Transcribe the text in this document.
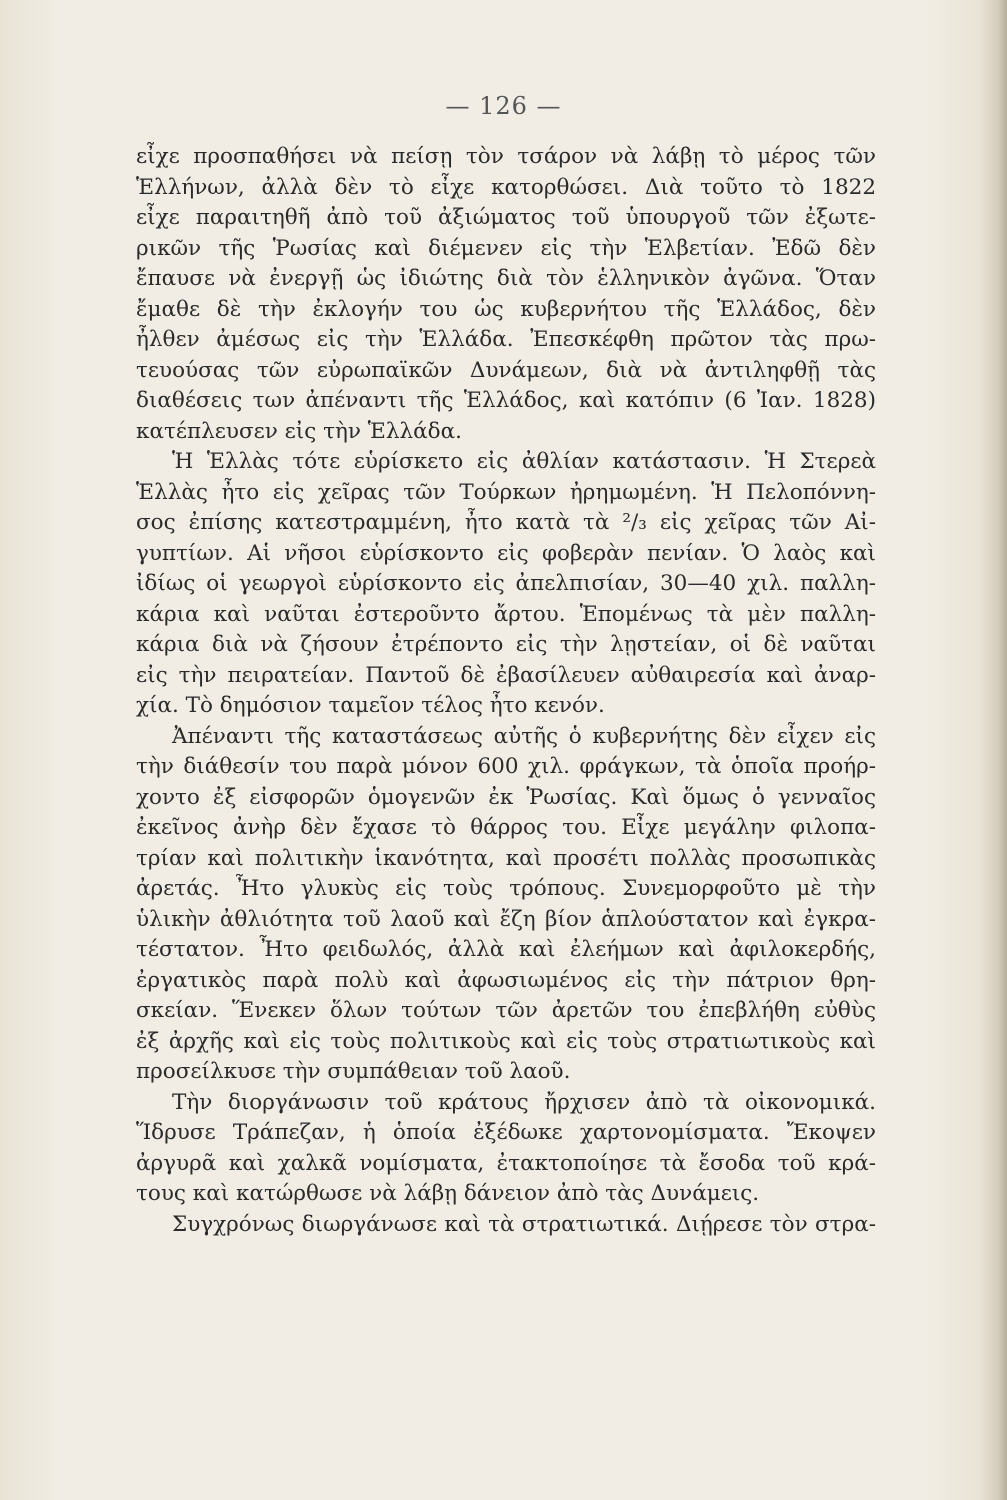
— 126 —
εἶχε προσπαθήσει νὰ πείσῃ τὸν τσάρον νὰ λάβῃ τὸ μέρος τῶν
Ἑλλήνων, ἀλλὰ δὲν τὸ εἶχε κατορθώσει. Διὰ τοῦτο τὸ 1822
εἶχε παραιτηθῆ ἀπὸ τοῦ ἀξιώματος τοῦ ὑπουργοῦ τῶν ἐξωτε-
ρικῶν τῆς Ῥωσίας καὶ διέμενεν εἰς τὴν Ἑλβετίαν. Ἐδῶ δὲν
ἔπαυσε νὰ ἐνεργῇ ὡς ἰδιώτης διὰ τὸν ἑλληνικὸν ἀγῶνα. Ὅταν
ἔμαθε δὲ τὴν ἐκλογήν του ὡς κυβερνήτου τῆς Ἑλλάδος, δὲν
ἦλθεν ἀμέσως εἰς τὴν Ἑλλάδα. Ἐπεσκέφθη πρῶτον τὰς πρω-
τευούσας τῶν εὐρωπαϊκῶν Δυνάμεων, διὰ νὰ ἀντιληφθῇ τὰς
διαθέσεις των ἀπέναντι τῆς Ἑλλάδος, καὶ κατόπιν (6 Ἰαν. 1828)
κατέπλευσεν εἰς τὴν Ἑλλάδα.
Ἡ Ἑλλὰς τότε εὑρίσκετο εἰς ἀθλίαν κατάστασιν. Ἡ Στερεὰ
Ἑλλὰς ἦτο εἰς χεῖρας τῶν Τούρκων ἠρημωμένη. Ἡ Πελοπόννη-
σος ἐπίσης κατεστραμμένη, ἦτο κατὰ τὰ ²/₃ εἰς χεῖρας τῶν Αἰ-
γυπτίων. Αἱ νῆσοι εὑρίσκοντο εἰς φοβερὰν πενίαν. Ὁ λαὸς καὶ
ἰδίως οἱ γεωργοὶ εὑρίσκοντο εἰς ἀπελπισίαν, 30—40 χιλ. παλλη-
κάρια καὶ ναῦται ἐστεροῦντο ἄρτου. Ἑπομένως τὰ μὲν παλλη-
κάρια διὰ νὰ ζήσουν ἐτρέποντο εἰς τὴν λῃστείαν, οἱ δὲ ναῦται
εἰς τὴν πειρατείαν. Παντοῦ δὲ ἐβασίλευεν αὐθαιρεσία καὶ ἀναρ-
χία. Τὸ δημόσιον ταμεῖον τέλος ἦτο κενόν.
Ἀπέναντι τῆς καταστάσεως αὐτῆς ὁ κυβερνήτης δὲν εἶχεν εἰς
τὴν διάθεσίν του παρὰ μόνον 600 χιλ. φράγκων, τὰ ὁποῖα προήρ-
χοντο ἐξ εἰσφορῶν ὁμογενῶν ἐκ Ῥωσίας. Καὶ ὅμως ὁ γενναῖος
ἐκεῖνος ἀνὴρ δὲν ἔχασε τὸ θάρρος του. Εἶχε μεγάλην φιλοπα-
τρίαν καὶ πολιτικὴν ἱκανότητα, καὶ προσέτι πολλὰς προσωπικὰς
ἀρετάς. Ἦτο γλυκὺς εἰς τοὺς τρόπους. Συνεμορφοῦτο μὲ τὴν
ὑλικὴν ἀθλιότητα τοῦ λαοῦ καὶ ἔζη βίον ἁπλούστατον καὶ ἐγκρα-
τέστατον. Ἦτο φειδωλός, ἀλλὰ καὶ ἐλεήμων καὶ ἀφιλοκερδής,
ἐργατικὸς παρὰ πολὺ καὶ ἀφωσιωμένος εἰς τὴν πάτριον θρη-
σκείαν. Ἕνεκεν ὅλων τούτων τῶν ἀρετῶν του ἐπεβλήθη εὐθὺς
ἐξ ἀρχῆς καὶ εἰς τοὺς πολιτικοὺς καὶ εἰς τοὺς στρατιωτικοὺς καὶ
προσείλκυσε τὴν συμπάθειαν τοῦ λαοῦ.
Τὴν διοργάνωσιν τοῦ κράτους ἤρχισεν ἀπὸ τὰ οἰκονομικά.
Ἵδρυσε Τράπεζαν, ἡ ὁποία ἐξέδωκε χαρτονομίσματα. Ἔκοψεν
ἀργυρᾶ καὶ χαλκᾶ νομίσματα, ἐτακτοποίησε τὰ ἔσοδα τοῦ κρά-
τους καὶ κατώρθωσε νὰ λάβῃ δάνειον ἀπὸ τὰς Δυνάμεις.
Συγχρόνως διωργάνωσε καὶ τὰ στρατιωτικά. Διῄρεσε τὸν στρα-
